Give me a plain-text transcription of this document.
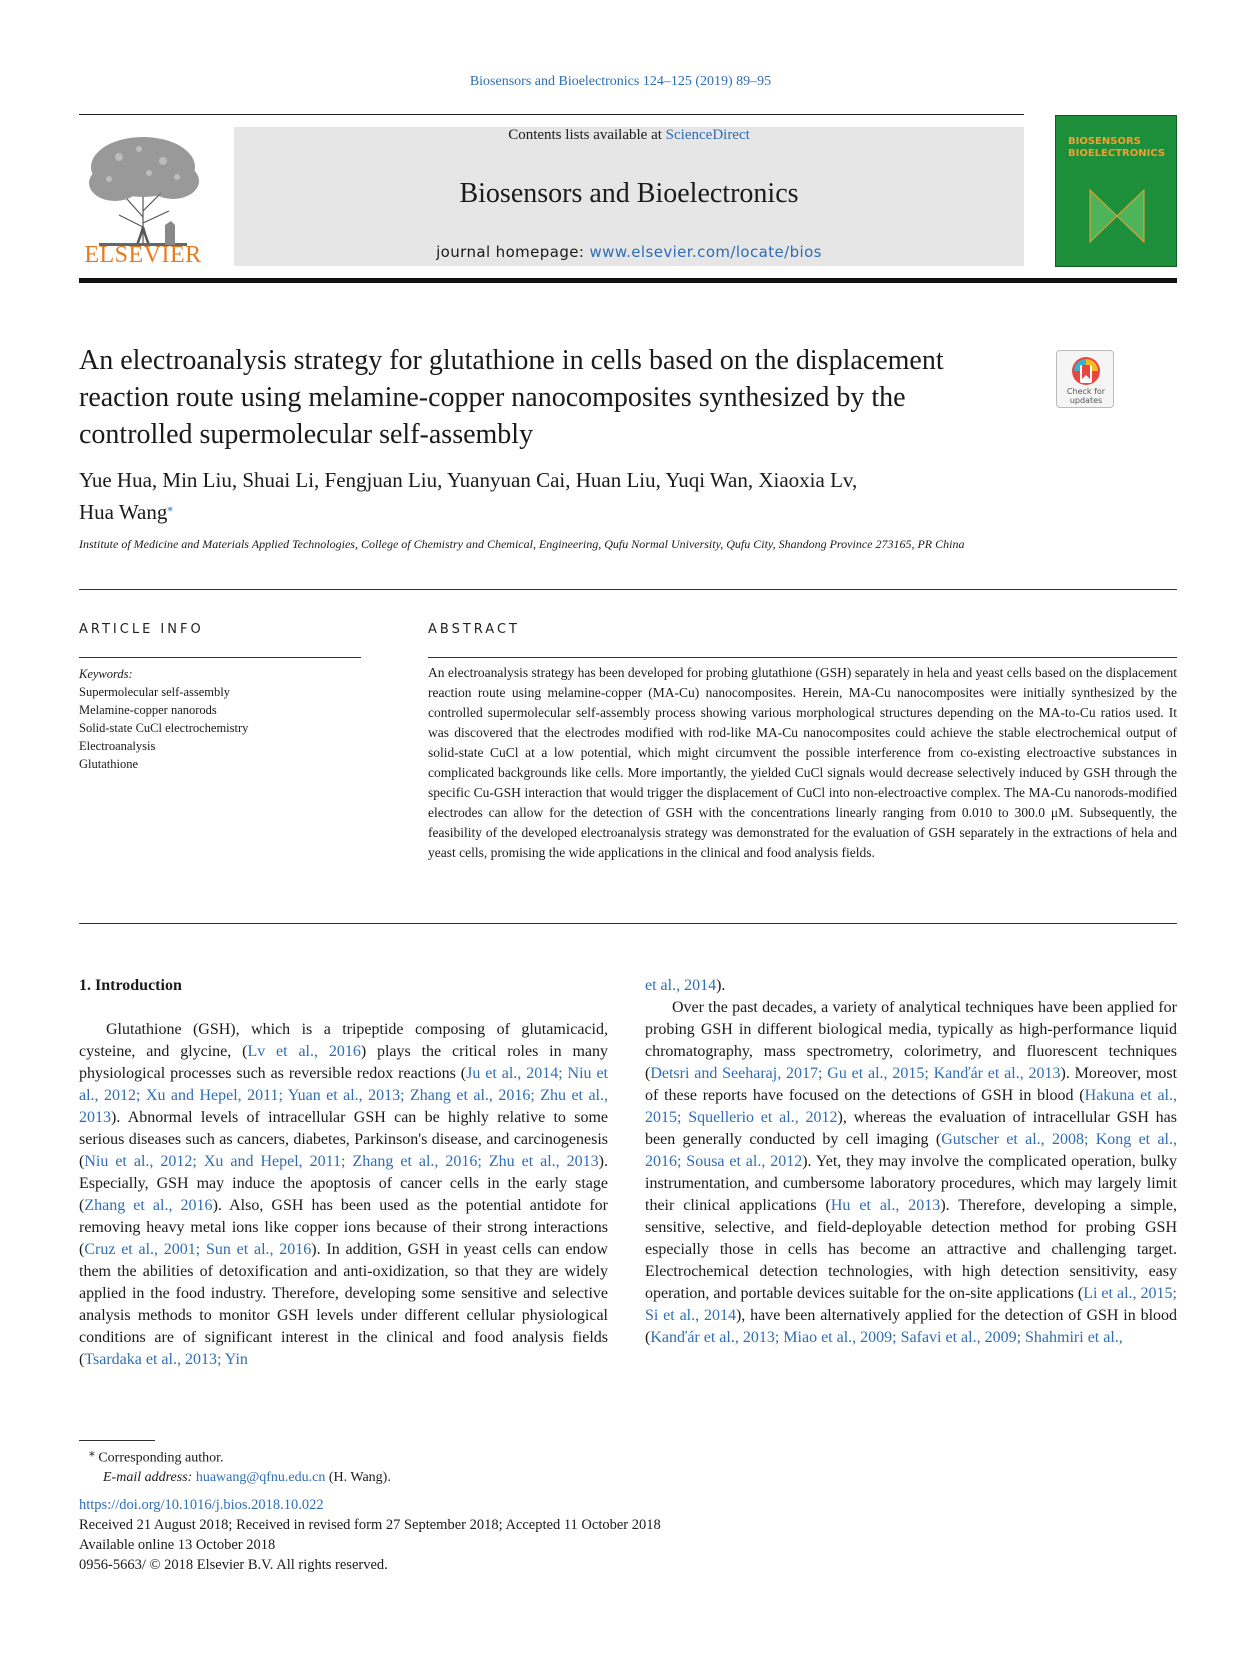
Biosensors and Bioelectronics 124–125 (2019) 89–95
ELSEVIER
Contents lists available at ScienceDirect
Biosensors and Bioelectronics
journal homepage: www.elsevier.com/locate/bios
BIOSENSORS BIOELECTRONICS
An electroanalysis strategy for glutathione in cells based on the displacement reaction route using melamine-copper nanocomposites synthesized by the controlled supermolecular self-assembly
Check for updates
Yue Hua, Min Liu, Shuai Li, Fengjuan Liu, Yuanyuan Cai, Huan Liu, Yuqi Wan, Xiaoxia Lv,
Hua Wang⁎
Institute of Medicine and Materials Applied Technologies, College of Chemistry and Chemical, Engineering, Qufu Normal University, Qufu City, Shandong Province 273165, PR China
ARTICLE INFO
Keywords:
Supermolecular self-assembly
Melamine-copper nanorods
Solid-state CuCl electrochemistry
Electroanalysis
Glutathione
ABSTRACT

An electroanalysis strategy has been developed for probing glutathione (GSH) separately in hela and yeast cells based on the displacement reaction route using melamine-copper (MA-Cu) nanocomposites. Herein, MA-Cu nanocomposites were initially synthesized by the controlled supermolecular self-assembly process showing various morphological structures depending on the MA-to-Cu ratios used. It was discovered that the electrodes modified with rod-like MA-Cu nanocomposites could achieve the stable electrochemical output of solid-state CuCl at a low potential, which might circumvent the possible interference from co-existing electroactive substances in complicated backgrounds like cells. More importantly, the yielded CuCl signals would decrease selectively induced by GSH through the specific Cu-GSH interaction that would trigger the displacement of CuCl into non-electroactive complex. The MA-Cu nanorods-modified electrodes can allow for the detection of GSH with the concentrations linearly ranging from 0.010 to 300.0 μM. Subsequently, the feasibility of the developed electroanalysis strategy was demonstrated for the evaluation of GSH separately in the extractions of hela and yeast cells, promising the wide applications in the clinical and food analysis fields.

1. Introduction

Glutathione (GSH), which is a tripeptide composing of glutamicacid, cysteine, and glycine, (Lv et al., 2016) plays the critical roles in many physiological processes such as reversible redox reactions (Ju et al., 2014; Niu et al., 2012; Xu and Hepel, 2011; Yuan et al., 2013; Zhang et al., 2016; Zhu et al., 2013). Abnormal levels of intracellular GSH can be highly relative to some serious diseases such as cancers, diabetes, Parkinson's disease, and carcinogenesis (Niu et al., 2012; Xu and Hepel, 2011; Zhang et al., 2016; Zhu et al., 2013). Especially, GSH may induce the apoptosis of cancer cells in the early stage (Zhang et al., 2016). Also, GSH has been used as the potential antidote for removing heavy metal ions like copper ions because of their strong interactions (Cruz et al., 2001; Sun et al., 2016). In addition, GSH in yeast cells can endow them the abilities of detoxification and anti-oxidization, so that they are widely applied in the food industry. Therefore, developing some sensitive and selective analysis methods to monitor GSH levels under different cellular physiological conditions are of significant interest in the clinical and food analysis fields (Tsardaka et al., 2013; Yin

et al., 2014).

Over the past decades, a variety of analytical techniques have been applied for probing GSH in different biological media, typically as high-performance liquid chromatography, mass spectrometry, colorimetry, and fluorescent techniques (Detsri and Seeharaj, 2017; Gu et al., 2015; Kanďár et al., 2013). Moreover, most of these reports have focused on the detections of GSH in blood (Hakuna et al., 2015; Squellerio et al., 2012), whereas the evaluation of intracellular GSH has been generally conducted by cell imaging (Gutscher et al., 2008; Kong et al., 2016; Sousa et al., 2012). Yet, they may involve the complicated operation, bulky instrumentation, and cumbersome laboratory procedures, which may largely limit their clinical applications (Hu et al., 2013). Therefore, developing a simple, sensitive, selective, and field-deployable detection method for probing GSH especially those in cells has become an attractive and challenging target. Electrochemical detection technologies, with high detection sensitivity, easy operation, and portable devices suitable for the on-site applications (Li et al., 2015; Si et al., 2014), have been alternatively applied for the detection of GSH in blood (Kanďár et al., 2013; Miao et al., 2009; Safavi et al., 2009; Shahmiri et al.,

⁎ Corresponding author.
E-mail address: huawang@qfnu.edu.cn (H. Wang).
https://doi.org/10.1016/j.bios.2018.10.022
Received 21 August 2018; Received in revised form 27 September 2018; Accepted 11 October 2018
Available online 13 October 2018
0956-5663/ © 2018 Elsevier B.V. All rights reserved.
